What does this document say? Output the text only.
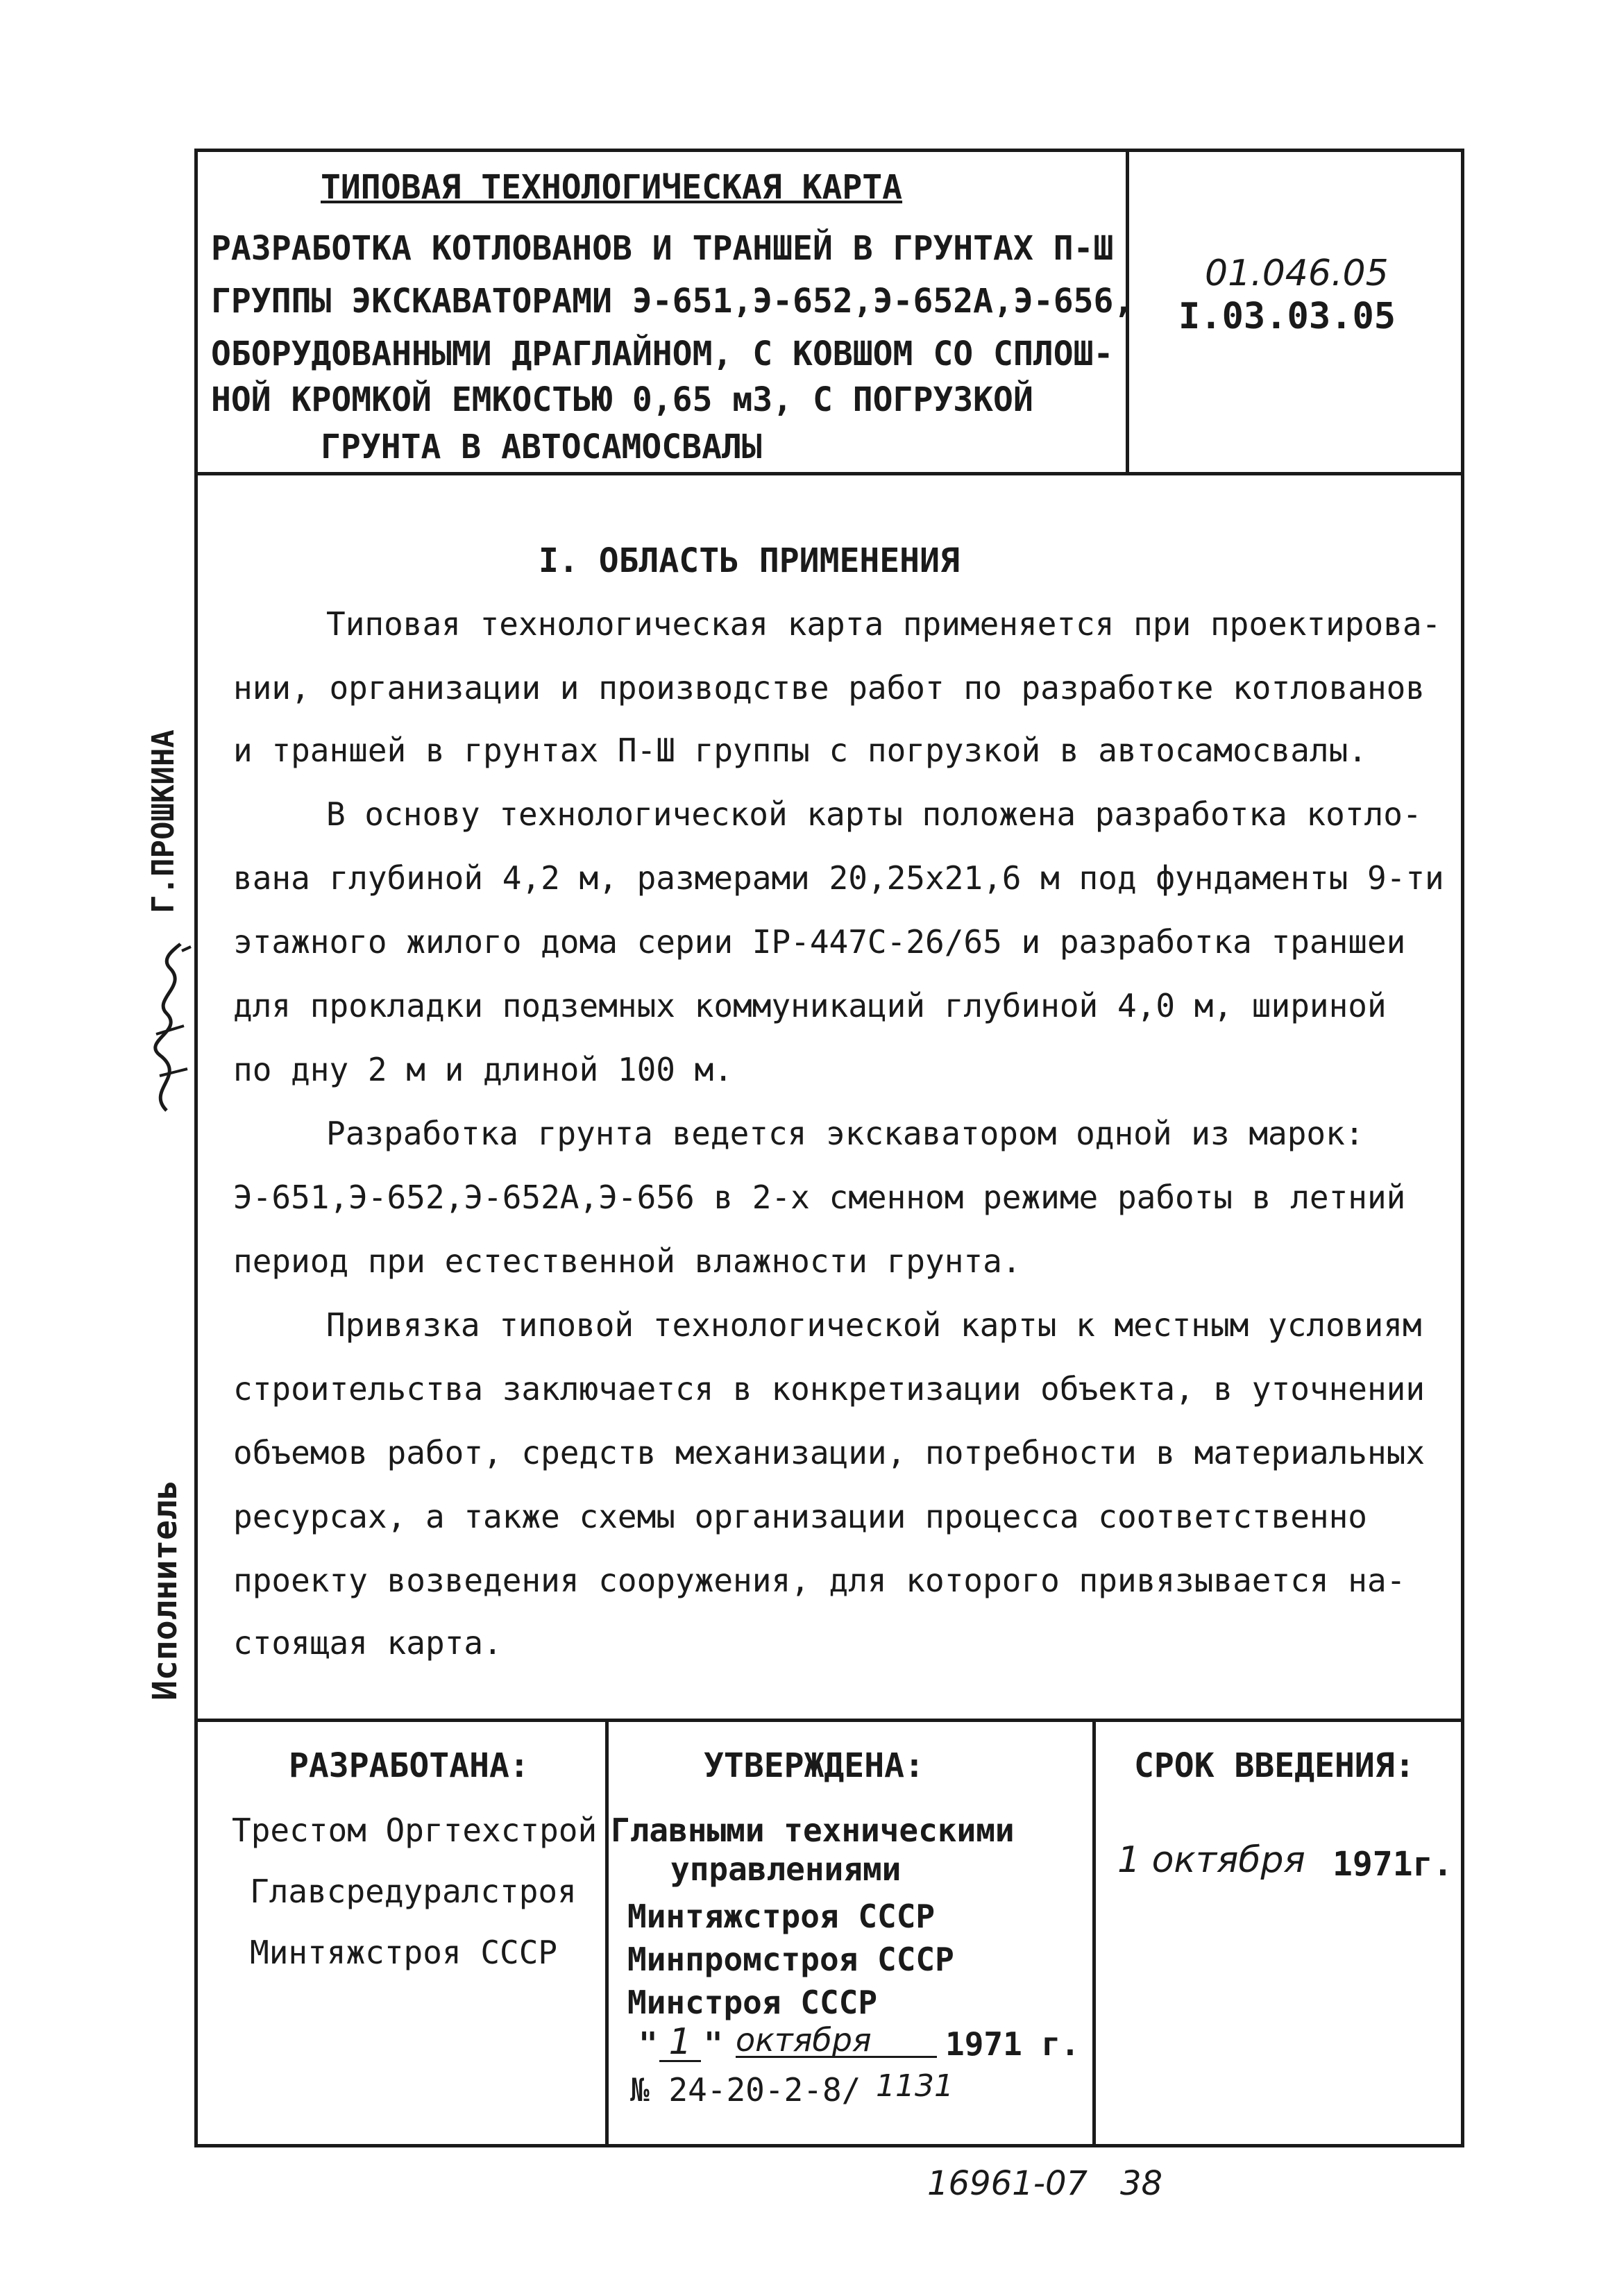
ТИПОВАЯ ТЕХНОЛОГИЧЕСКАЯ КАРТА
РАЗРАБОТКА КОТЛОВАНОВ И ТРАНШЕЙ В ГРУНТАХ П-Ш
ГРУППЫ ЭКСКАВАТОРАМИ Э-651,Э-652,Э-652А,Э-656,
ОБОРУДОВАННЫМИ ДРАГЛАЙНОМ, С КОВШОМ СО СПЛОШ-
НОЙ КРОМКОЙ ЕМКОСТЬЮ 0,65 м3, С ПОГРУЗКОЙ
ГРУНТА В АВТОСАМОСВАЛЫ
01.046.05
I.03.03.05
I. ОБЛАСТЬ ПРИМЕНЕНИЯ
Типовая технологическая карта применяется при проектирова-
нии, организации и производстве работ по разработке котлованов
и траншей в грунтах П-Ш группы с погрузкой в автосамосвалы.
В основу технологической карты положена разработка котло-
вана глубиной 4,2 м, размерами 20,25х21,6 м под фундаменты 9-ти
этажного жилого дома серии IР-447С-26/65 и разработка траншеи
для прокладки подземных коммуникаций глубиной 4,0 м, шириной
по дну 2 м и длиной 100 м.
Разработка грунта ведется экскаватором одной из марок:
Э-651,Э-652,Э-652А,Э-656 в 2-х сменном режиме работы в летний
период при естественной влажности грунта.
Привязка типовой технологической карты к местным условиям
строительства заключается в конкретизации объекта, в уточнении
объемов работ, средств механизации, потребности в материальных
ресурсах, а также схемы организации процесса соответственно
проекту возведения сооружения, для которого привязывается на-
стоящая карта.
РАЗРАБОТАНА:
Трестом Оргтехстрой
Главсредуралстроя
Минтяжстроя СССР
УТВЕРЖДЕНА:
Главными техническими
управлениями
Минтяжстроя СССР
Минпромстроя СССР
Минстроя СССР
" 1 " октября	1971 г.
№ 24-20-2-8/ 1131
СРОК ВВЕДЕНИЯ:
1 октября 1971г.
16961-07 38
Г.ПРОШКИНА
Исполнитель
